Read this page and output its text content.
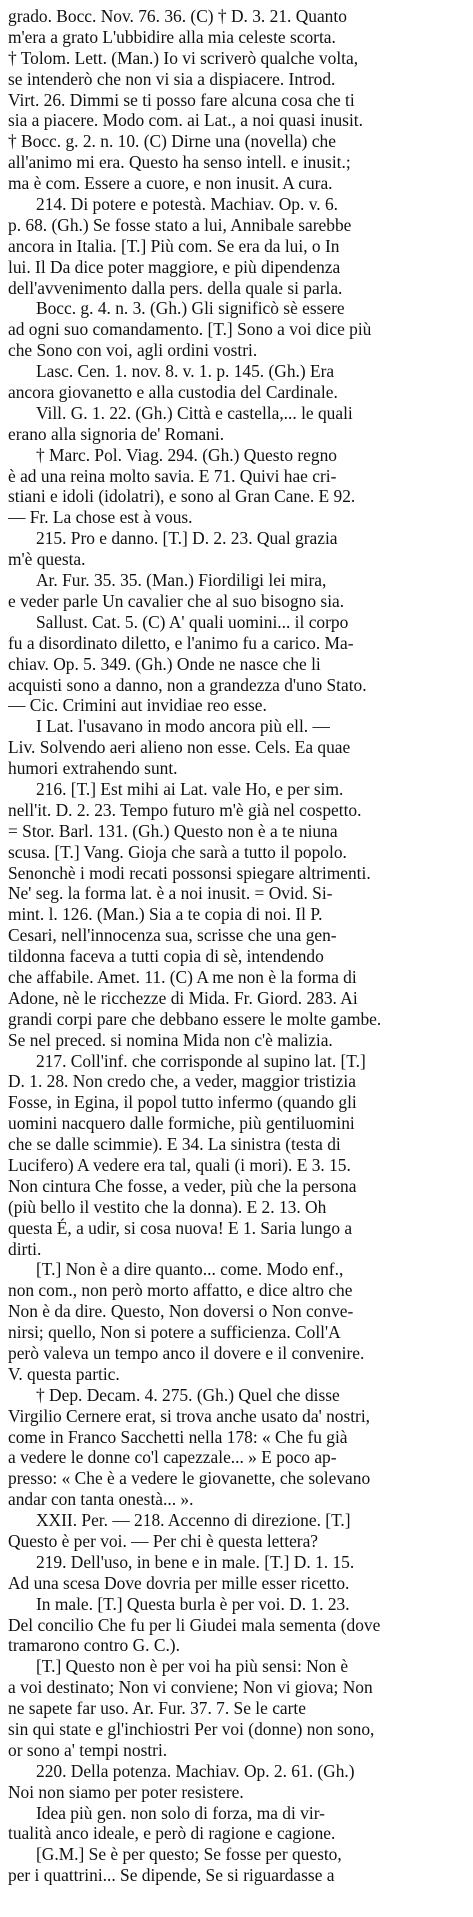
grado. Bocc. Nov. 76. 36. (C) † D. 3. 21. Quanto
m'era a grato L'ubbidire alla mia celeste scorta.
† Tolom. Lett. (Man.) Io vi scriverò qualche volta,
se intenderò che non vi sia a dispiacere. Introd.
Virt. 26. Dimmi se ti posso fare alcuna cosa che ti
sia a piacere. Modo com. ai Lat., a noi quasi inusit.
† Bocc. g. 2. n. 10. (C) Dirne una (novella) che
all'animo mi era. Questo ha senso intell. e inusit.;
ma è com. Essere a cuore, e non inusit. A cura.
214. Di potere e potestà. Machiav. Op. v. 6.
p. 68. (Gh.) Se fosse stato a lui, Annibale sarebbe
ancora in Italia. [T.] Più com. Se era da lui, o In
lui. Il Da dice poter maggiore, e più dipendenza
dell'avvenimento dalla pers. della quale si parla.
Bocc. g. 4. n. 3. (Gh.) Gli significò sè essere
ad ogni suo comandamento. [T.] Sono a voi dice più
che Sono con voi, agli ordini vostri.
Lasc. Cen. 1. nov. 8. v. 1. p. 145. (Gh.) Era
ancora giovanetto e alla custodia del Cardinale.
Vill. G. 1. 22. (Gh.) Città e castella,... le quali
erano alla signoria de' Romani.
† Marc. Pol. Viag. 294. (Gh.) Questo regno
è ad una reina molto savia. E 71. Quivi hae cri-
stiani e idoli (idolatri), e sono al Gran Cane. E 92.
— Fr. La chose est à vous.
215. Pro e danno. [T.] D. 2. 23. Qual grazia
m'è questa.
Ar. Fur. 35. 35. (Man.) Fiordiligi lei mira,
e veder parle Un cavalier che al suo bisogno sia.
Sallust. Cat. 5. (C) A' quali uomini... il corpo
fu a disordinato diletto, e l'animo fu a carico. Ma-
chiav. Op. 5. 349. (Gh.) Onde ne nasce che li
acquisti sono a danno, non a grandezza d'uno Stato.
— Cic. Crimini aut invidiae reo esse.
I Lat. l'usavano in modo ancora più ell. —
Liv. Solvendo aeri alieno non esse. Cels. Ea quae
humori extrahendo sunt.
216. [T.] Est mihi ai Lat. vale Ho, e per sim.
nell'it. D. 2. 23. Tempo futuro m'è già nel cospetto.
= Stor. Barl. 131. (Gh.) Questo non è a te niuna
scusa. [T.] Vang. Gioja che sarà a tutto il popolo.
Senonchè i modi recati possonsi spiegare altrimenti.
Ne' seg. la forma lat. è a noi inusit. = Ovid. Si-
mint. l. 126. (Man.) Sia a te copia di noi. Il P.
Cesari, nell'innocenza sua, scrisse che una gen-
tildonna faceva a tutti copia di sè, intendendo
che affabile. Amet. 11. (C) A me non è la forma di
Adone, nè le ricchezze di Mida. Fr. Giord. 283. Ai
grandi corpi pare che debbano essere le molte gambe.
Se nel preced. si nomina Mida non c'è malizia.
217. Coll'inf. che corrisponde al supino lat. [T.]
D. 1. 28. Non credo che, a veder, maggior tristizia
Fosse, in Egina, il popol tutto infermo (quando gli
uomini nacquero dalle formiche, più gentiluomini
che se dalle scimmie). E 34. La sinistra (testa di
Lucifero) A vedere era tal, quali (i mori). E 3. 15.
Non cintura Che fosse, a veder, più che la persona
(più bello il vestito che la donna). E 2. 13. Oh
questa É, a udir, si cosa nuova! E 1. Saria lungo a
dirti.
[T.] Non è a dire quanto... come. Modo enf.,
non com., non però morto affatto, e dice altro che
Non è da dire. Questo, Non doversi o Non conve-
nirsi; quello, Non si potere a sufficienza. Coll'A
però valeva un tempo anco il dovere e il convenire.
V. questa partic.
† Dep. Decam. 4. 275. (Gh.) Quel che disse
Virgilio Cernere erat, si trova anche usato da' nostri,
come in Franco Sacchetti nella 178: « Che fu già
a vedere le donne co'l capezzale... » E poco ap-
presso: « Che è a vedere le giovanette, che solevano
andar con tanta onestà... ».
XXII. Per. — 218. Accenno di direzione. [T.]
Questo è per voi. — Per chi è questa lettera?
219. Dell'uso, in bene e in male. [T.] D. 1. 15.
Ad una scesa Dove dovria per mille esser ricetto.
In male. [T.] Questa burla è per voi. D. 1. 23.
Del concilio Che fu per li Giudei mala sementa (dove
tramarono contro G. C.).
[T.] Questo non è per voi ha più sensi: Non è
a voi destinato; Non vi conviene; Non vi giova; Non
ne sapete far uso. Ar. Fur. 37. 7. Se le carte
sin qui state e gl'inchiostri Per voi (donne) non sono,
or sono a' tempi nostri.
220. Della potenza. Machiav. Op. 2. 61. (Gh.)
Noi non siamo per poter resistere.
Idea più gen. non solo di forza, ma di vir-
tualità anco ideale, e però di ragione e cagione.
[G.M.] Se è per questo; Se fosse per questo,
per i quattrini... Se dipende, Se si riguardasse a
